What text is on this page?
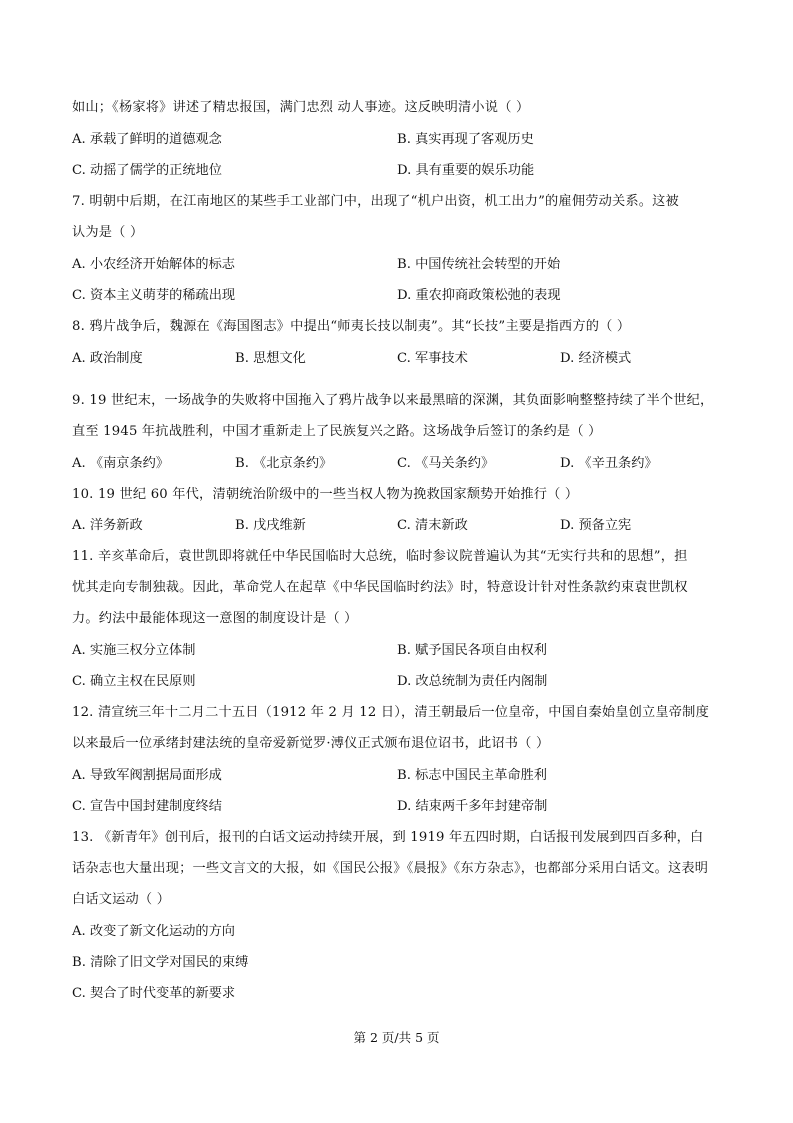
如山；《杨家将》讲述了精忠报国，满门忠烈 动人事迹。这反映明清小说（ ）
A. 承载了鲜明的道德观念	B. 真实再现了客观历史
C. 动摇了儒学的正统地位	D. 具有重要的娱乐功能
7. 明朝中后期，在江南地区的某些手工业部门中，出现了“机户出资，机工出力”的雇佣劳动关系。这被
认为是（ ）
A. 小农经济开始解体的标志	B. 中国传统社会转型的开始
C. 资本主义萌芽的稀疏出现	D. 重农抑商政策松弛的表现
8. 鸦片战争后，魏源在《海国图志》中提出“师夷长技以制夷”。其“长技”主要是指西方的（ ）
A. 政治制度	B. 思想文化	C. 军事技术	D. 经济模式
9. 19 世纪末，一场战争的失败将中国拖入了鸦片战争以来最黑暗的深渊，其负面影响整整持续了半个世纪，
直至 1945 年抗战胜利，中国才重新走上了民族复兴之路。这场战争后签订的条约是（ ）
A. 《南京条约》	B. 《北京条约》	C. 《马关条约》	D. 《辛丑条约》
10. 19 世纪 60 年代，清朝统治阶级中的一些当权人物为挽救国家颓势开始推行（ ）
A. 洋务新政	B. 戊戌维新	C. 清末新政	D. 预备立宪
11. 辛亥革命后，袁世凯即将就任中华民国临时大总统，临时参议院普遍认为其“无实行共和的思想”，担
忧其走向专制独裁。因此，革命党人在起草《中华民国临时约法》时，特意设计针对性条款约束袁世凯权
力。约法中最能体现这一意图的制度设计是（ ）
A. 实施三权分立体制	B. 赋予国民各项自由权利
C. 确立主权在民原则	D. 改总统制为责任内阁制
12. 清宣统三年十二月二十五日（1912 年 2 月 12 日），清王朝最后一位皇帝，中国自秦始皇创立皇帝制度
以来最后一位承绪封建法统的皇帝爱新觉罗·溥仪正式颁布退位诏书，此诏书（ ）
A. 导致军阀割据局面形成	B. 标志中国民主革命胜利
C. 宣告中国封建制度终结	D. 结束两千多年封建帝制
13. 《新青年》创刊后，报刊的白话文运动持续开展，到 1919 年五四时期，白话报刊发展到四百多种，白
话杂志也大量出现；一些文言文的大报，如《国民公报》《晨报》《东方杂志》，也都部分采用白话文。这表明
白话文运动（ ）
A. 改变了新文化运动的方向
B. 清除了旧文学对国民的束缚
C. 契合了时代变革的新要求
第 2 页/共 5 页
